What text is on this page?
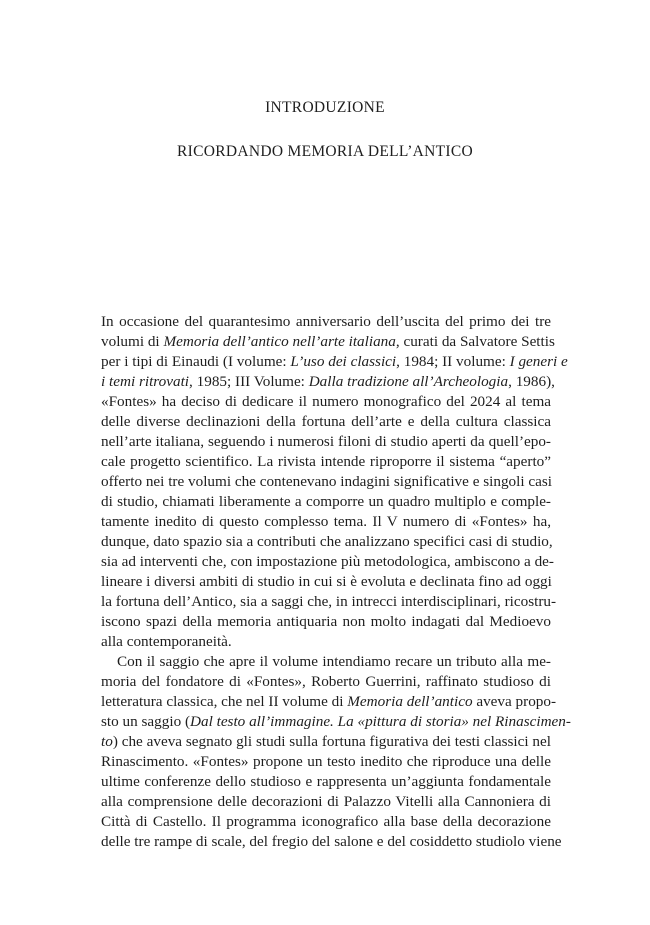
INTRODUZIONE
RICORDANDO MEMORIA DELL’ANTICO
In occasione del quarantesimo anniversario dell’uscita del primo dei tre
volumi di Memoria dell’antico nell’arte italiana, curati da Salvatore Settis
per i tipi di Einaudi (I volume: L’uso dei classici, 1984; II volume: I generi e
i temi ritrovati, 1985; III Volume: Dalla tradizione all’Archeologia, 1986),
«Fontes» ha deciso di dedicare il numero monografico del 2024 al tema
delle diverse declinazioni della fortuna dell’arte e della cultura classica
nell’arte italiana, seguendo i numerosi filoni di studio aperti da quell’epo-
cale progetto scientifico. La rivista intende riproporre il sistema “aperto”
offerto nei tre volumi che contenevano indagini significative e singoli casi
di studio, chiamati liberamente a comporre un quadro multiplo e comple-
tamente inedito di questo complesso tema. Il V numero di «Fontes» ha,
dunque, dato spazio sia a contributi che analizzano specifici casi di studio,
sia ad interventi che, con impostazione più metodologica, ambiscono a de-
lineare i diversi ambiti di studio in cui si è evoluta e declinata fino ad oggi
la fortuna dell’Antico, sia a saggi che, in intrecci interdisciplinari, ricostru-
iscono spazi della memoria antiquaria non molto indagati dal Medioevo
alla contemporaneità.
Con il saggio che apre il volume intendiamo recare un tributo alla me-
moria del fondatore di «Fontes», Roberto Guerrini, raffinato studioso di
letteratura classica, che nel II volume di Memoria dell’antico aveva propo-
sto un saggio (Dal testo all’immagine. La «pittura di storia» nel Rinascimen-
to) che aveva segnato gli studi sulla fortuna figurativa dei testi classici nel
Rinascimento. «Fontes» propone un testo inedito che riproduce una delle
ultime conferenze dello studioso e rappresenta un’aggiunta fondamentale
alla comprensione delle decorazioni di Palazzo Vitelli alla Cannoniera di
Città di Castello. Il programma iconografico alla base della decorazione
delle tre rampe di scale, del fregio del salone e del cosiddetto studiolo viene
